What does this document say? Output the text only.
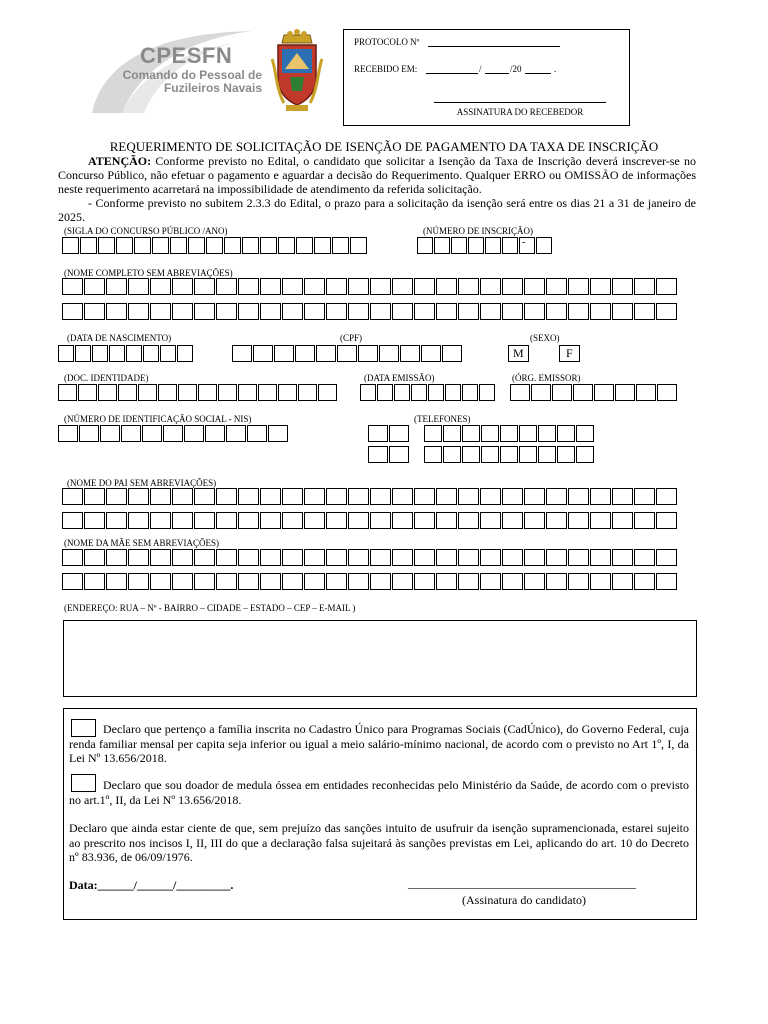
CPESFN
Comando do Pessoal de
Fuzileiros Navais
PROTOCOLO Nº
RECEBIDO EM:	/	/20	.
ASSINATURA DO RECEBEDOR
REQUERIMENTO DE SOLICITAÇÃO DE ISENÇÃO DE PAGAMENTO DA TAXA DE INSCRIÇÃO
ATENÇÃO: Conforme previsto no Edital, o candidato que solicitar a Isenção da Taxa de Inscrição deverá inscrever-se no Concurso Público, não efetuar o pagamento e aguardar a decisão do Requerimento. Qualquer ERRO ou OMISSÃO de informações neste requerimento acarretará na impossibilidade de atendimento da referida solicitação.
- Conforme previsto no subitem 2.3.3 do Edital, o prazo para a solicitação da isenção será entre os dias 21 a 31 de janeiro de 2025.
(SIGLA DO CONCURSO PÚBLICO /ANO)	(NÚMERO DE INSCRIÇÃO)
(NOME COMPLETO SEM ABREVIAÇÕES)
(DATA DE NASCIMENTO)	(CPF)	(SEXO)
(DOC. IDENTIDADE)	(DATA EMISSÃO)	(ÓRG. EMISSOR)
(NÚMERO DE IDENTIFICAÇÃO SOCIAL - NIS)	(TELEFONES)
(NOME DO PAI SEM ABREVIAÇÕES)
(NOME DA MÃE SEM ABREVIAÇÕES)
(ENDEREÇO: RUA – Nº - BAIRRO – CIDADE – ESTADO – CEP – E-MAIL )
M	F
-
Declaro que pertenço a família inscrita no Cadastro Único para Programas Sociais (CadÚnico), do Governo Federal, cuja renda familiar mensal per capita seja inferior ou igual a meio salário-mínimo nacional, de acordo com o previsto no Art 1º, I, da Lei Nº 13.656/2018.
Declaro que sou doador de medula óssea em entidades reconhecidas pelo Ministério da Saúde, de acordo com o previsto no art.1º, II, da Lei Nº 13.656/2018.
Declaro que ainda estar ciente de que, sem prejuízo das sanções intuito de usufruir da isenção supramencionada, estarei sujeito ao prescrito nos incisos I, II, III do que a declaração falsa sujeitará às sanções previstas em Lei, aplicando do art. 10 do Decreto nº 83.936, de 06/09/1976.
Data:______/______/_________.	______________________________________
(Assinatura do candidato)
